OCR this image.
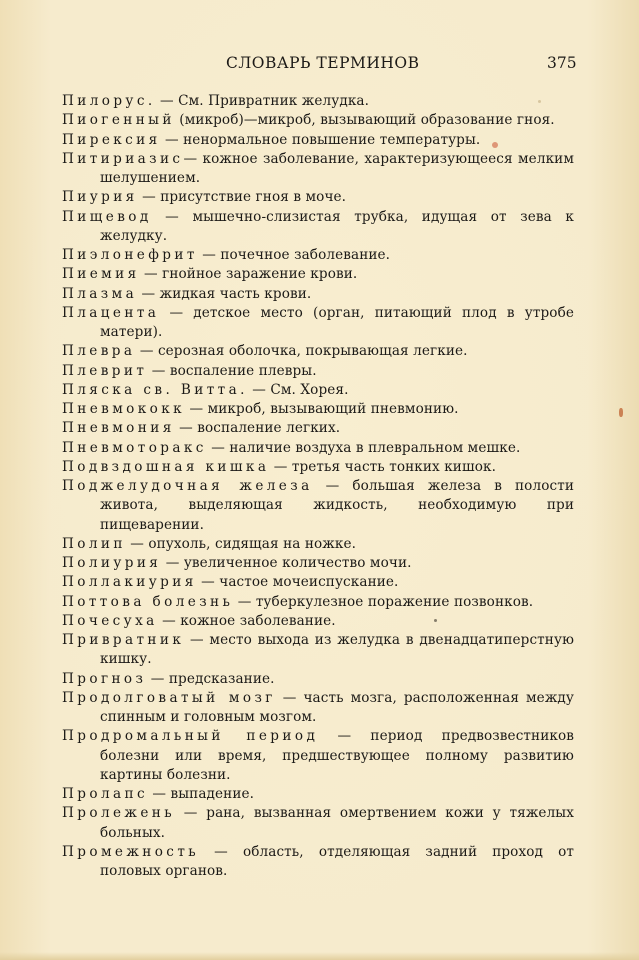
СЛОВАРЬ ТЕРМИНОВ	375
Пилорус. — См. Привратник желудка.
Пиогенный (микроб)—микроб, вызывающий образование гноя.
Пирексия — ненормальное повышение температуры.
Питириазис— кожное заболевание, характеризующееся мелким шелушением.
Пиурия — присутствие гноя в моче.
Пищевод — мышечно-слизистая трубка, идущая от зева к желудку.
Пиэлонефрит — почечное заболевание.
Пиемия — гнойное заражение крови.
Плазма — жидкая часть крови.
Плацента — детское место (орган, питающий плод в утробе матери).
Плевра — серозная оболочка, покрывающая легкие.
Плеврит — воспаление плевры.
Пляска св. Витта. — См. Хорея.
Пневмококк — микроб, вызывающий пневмонию.
Пневмония — воспаление легких.
Пневмоторакс — наличие воздуха в плевральном мешке.
Подвздошная кишка — третья часть тонких кишок.
Поджелудочная железа — большая железа в полости живота, выделяющая жидкость, необходимую при пищеварении.
Полип — опухоль, сидящая на ножке.
Полиурия — увеличенное количество мочи.
Поллакиурия — частое мочеиспускание.
Поттова болезнь — туберкулезное поражение позвонков.
Почесуха — кожное заболевание.
Привратник — место выхода из желудка в двенадцатиперстную кишку.
Прогноз — предсказание.
Продолговатый мозг — часть мозга, расположенная между спинным и головным мозгом.
Продромальный период — период предвозвестников болезни или время, предшествующее полному развитию картины болезни.
Пролапс — выпадение.
Пролежень — рана, вызванная омертвением кожи у тяжелых больных.
Промежность — область, отделяющая задний проход от половых органов.
